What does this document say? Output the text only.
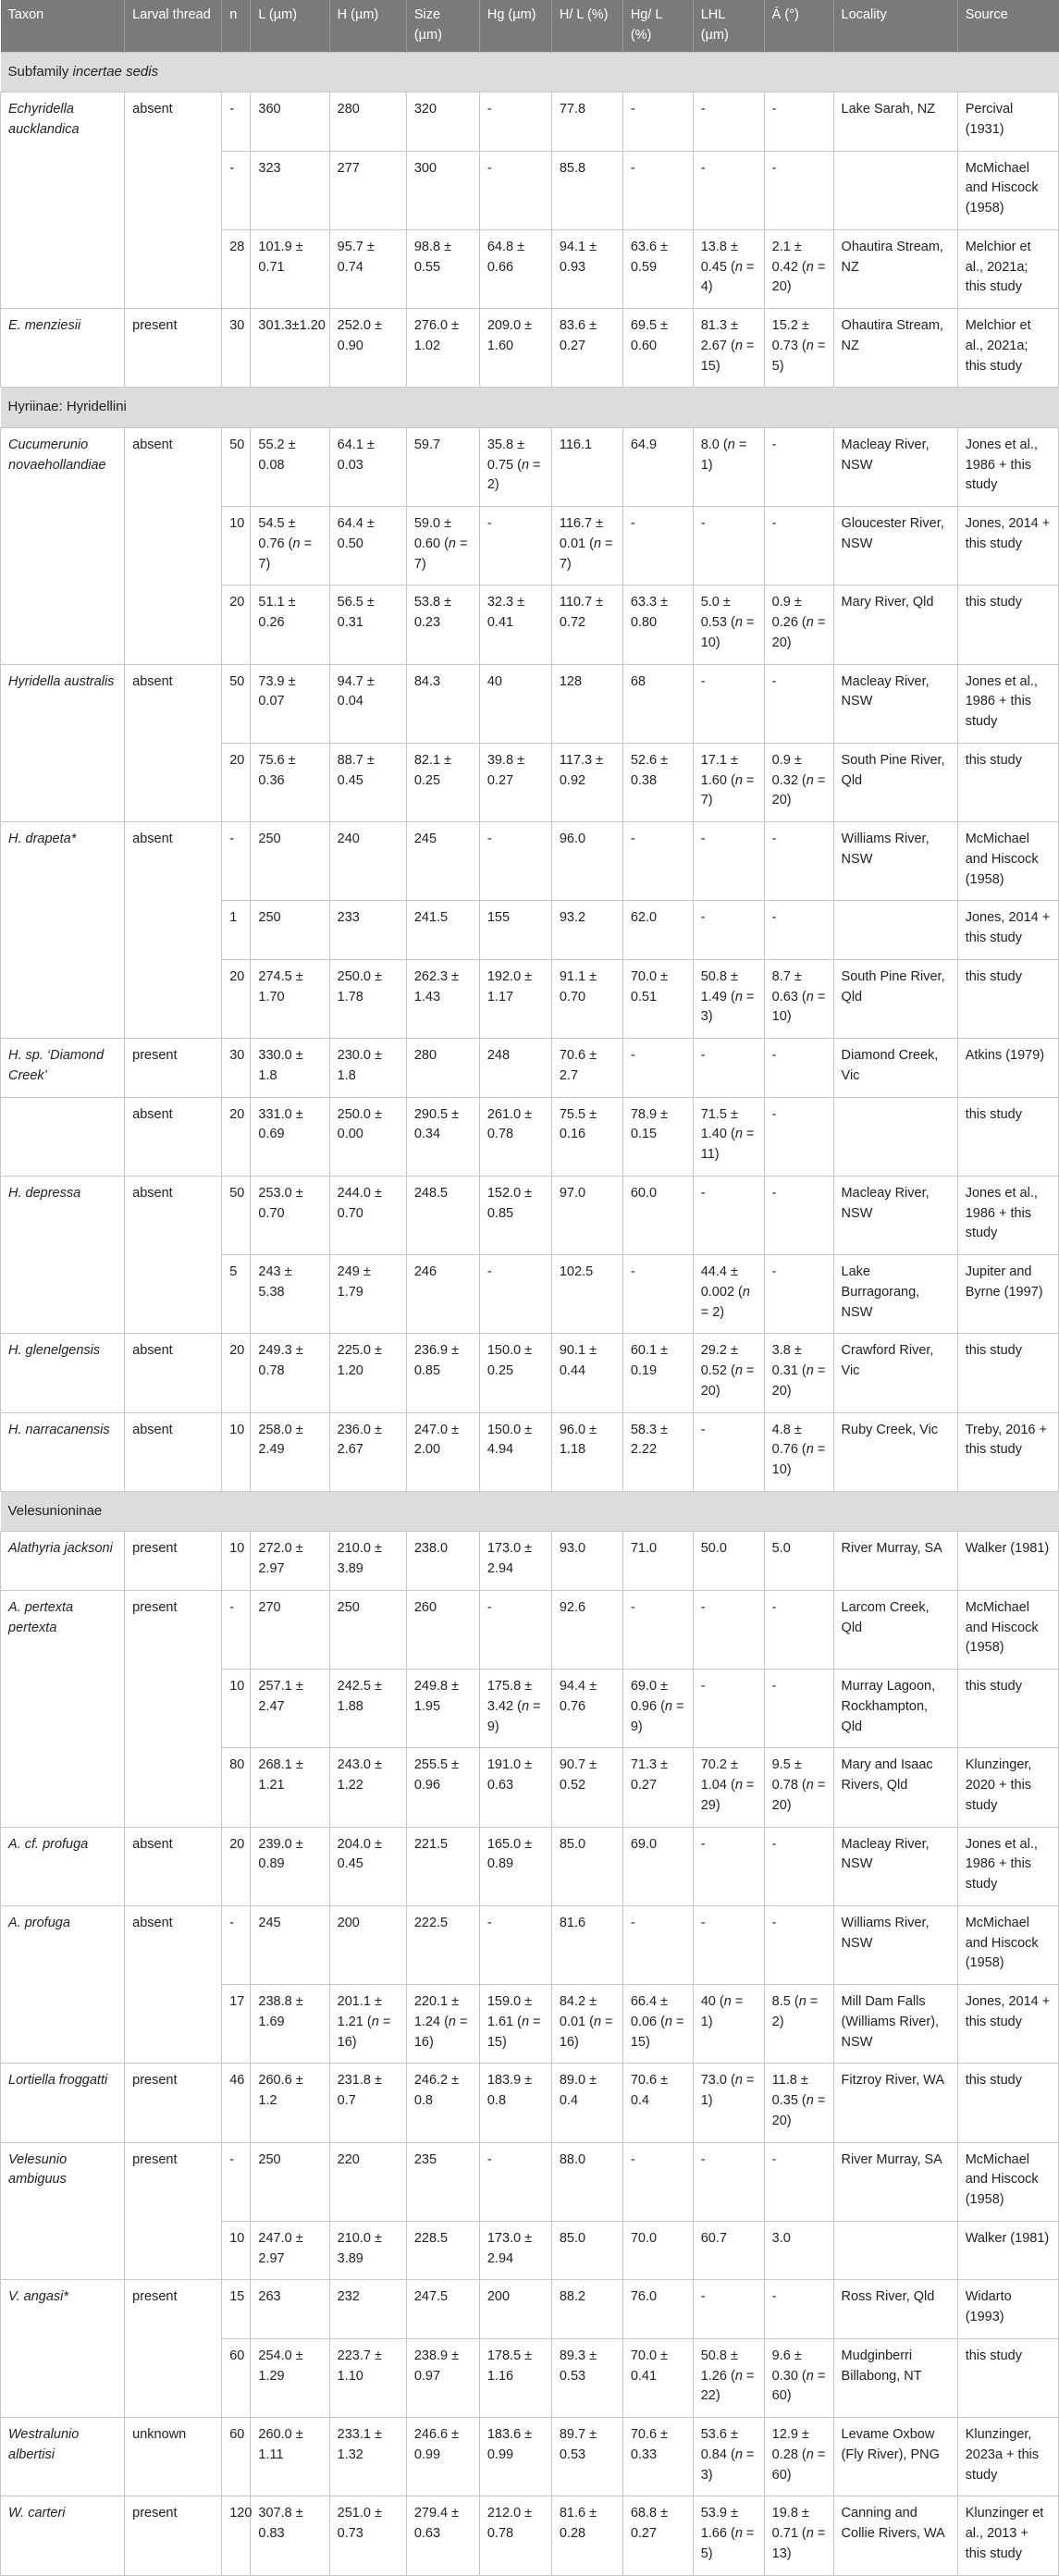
Taxon	Larval thread	n	L (µm)	H (µm)	Size (µm)	Hg (µm)	H/ L (%)	Hg/ L (%)	LHL (µm)	Á (°)	Locality	Source
Subfamily incertae sedis												
Echyridella aucklandica	absent	-	360	280	320	-	77.8	-	-	-	Lake Sarah, NZ	Percival (1931)
		-	323	277	300	-	85.8	-	-	-		McMichael and Hiscock (1958)
		28	101.9 ± 0.71	95.7 ± 0.74	98.8 ± 0.55	64.8 ± 0.66	94.1 ± 0.93	63.6 ± 0.59	13.8 ± 0.45 (n = 4)	2.1 ± 0.42 (n = 20)	Ohautira Stream, NZ	Melchior et al., 2021a; this study
E. menziesii	present	30	301.3±1.20	252.0 ± 0.90	276.0 ± 1.02	209.0 ± 1.60	83.6 ± 0.27	69.5 ± 0.60	81.3 ± 2.67 (n = 15)	15.2 ± 0.73 (n = 5)	Ohautira Stream, NZ	Melchior et al., 2021a; this study
Hyriinae: Hyridellini												
Cucumerunio novaehollandiae	absent	50	55.2 ± 0.08	64.1 ± 0.03	59.7	35.8 ± 0.75 (n = 2)	116.1	64.9	8.0 (n = 1)	-	Macleay River, NSW	Jones et al., 1986 + this study
		10	54.5 ± 0.76 (n = 7)	64.4 ± 0.50	59.0 ± 0.60 (n = 7)	-	116.7 ± 0.01 (n = 7)	-	-	-	Gloucester River, NSW	Jones, 2014 + this study
		20	51.1 ± 0.26	56.5 ± 0.31	53.8 ± 0.23	32.3 ± 0.41	110.7 ± 0.72	63.3 ± 0.80	5.0 ± 0.53 (n = 10)	0.9 ± 0.26 (n = 20)	Mary River, Qld	this study
Hyridella australis	absent	50	73.9 ± 0.07	94.7 ± 0.04	84.3	40	128	68	-	-	Macleay River, NSW	Jones et al., 1986 + this study
		20	75.6 ± 0.36	88.7 ± 0.45	82.1 ± 0.25	39.8 ± 0.27	117.3 ± 0.92	52.6 ± 0.38	17.1 ± 1.60 (n = 7)	0.9 ± 0.32 (n = 20)	South Pine River, Qld	this study
H. drapeta*	absent	-	250	240	245	-	96.0	-	-	-	Williams River, NSW	McMichael and Hiscock (1958)
		1	250	233	241.5	155	93.2	62.0	-	-		Jones, 2014 + this study
		20	274.5 ± 1.70	250.0 ± 1.78	262.3 ± 1.43	192.0 ± 1.17	91.1 ± 0.70	70.0 ± 0.51	50.8 ± 1.49 (n = 3)	8.7 ± 0.63 (n = 10)	South Pine River, Qld	this study
H. sp. ‘Diamond Creek’	present	30	330.0 ± 1.8	230.0 ± 1.8	280	248	70.6 ± 2.7	-	-	-	Diamond Creek, Vic	Atkins (1979)
	absent	20	331.0 ± 0.69	250.0 ± 0.00	290.5 ± 0.34	261.0 ± 0.78	75.5 ± 0.16	78.9 ± 0.15	71.5 ± 1.40 (n = 11)	-		this study
H. depressa	absent	50	253.0 ± 0.70	244.0 ± 0.70	248.5	152.0 ± 0.85	97.0	60.0	-	-	Macleay River, NSW	Jones et al., 1986 + this study
		5	243 ± 5.38	249 ± 1.79	246	-	102.5	-	44.4 ± 0.002 (n = 2)	-	Lake Burragorang, NSW	Jupiter and Byrne (1997)
H. glenelgensis	absent	20	249.3 ± 0.78	225.0 ± 1.20	236.9 ± 0.85	150.0 ± 0.25	90.1 ± 0.44	60.1 ± 0.19	29.2 ± 0.52 (n = 20)	3.8 ± 0.31 (n = 20)	Crawford River, Vic	this study
H. narracanensis	absent	10	258.0 ± 2.49	236.0 ± 2.67	247.0 ± 2.00	150.0 ± 4.94	96.0 ± 1.18	58.3 ± 2.22	-	4.8 ± 0.76 (n = 10)	Ruby Creek, Vic	Treby, 2016 + this study
Velesunioninae												
Alathyria jacksoni	present	10	272.0 ± 2.97	210.0 ± 3.89	238.0	173.0 ± 2.94	93.0	71.0	50.0	5.0	River Murray, SA	Walker (1981)
A. pertexta pertexta	present	-	270	250	260	-	92.6	-	-	-	Larcom Creek, Qld	McMichael and Hiscock (1958)
		10	257.1 ± 2.47	242.5 ± 1.88	249.8 ± 1.95	175.8 ± 3.42 (n = 9)	94.4 ± 0.76	69.0 ± 0.96 (n = 9)	-	-	Murray Lagoon, Rockhampton, Qld	this study
		80	268.1 ± 1.21	243.0 ± 1.22	255.5 ± 0.96	191.0 ± 0.63	90.7 ± 0.52	71.3 ± 0.27	70.2 ± 1.04 (n = 29)	9.5 ± 0.78 (n = 20)	Mary and Isaac Rivers, Qld	Klunzinger, 2020 + this study
A. cf. profuga	absent	20	239.0 ± 0.89	204.0 ± 0.45	221.5	165.0 ± 0.89	85.0	69.0	-	-	Macleay River, NSW	Jones et al., 1986 + this study
A. profuga	absent	-	245	200	222.5	-	81.6	-	-	-	Williams River, NSW	McMichael and Hiscock (1958)
		17	238.8 ± 1.69	201.1 ± 1.21 (n = 16)	220.1 ± 1.24 (n = 16)	159.0 ± 1.61 (n = 15)	84.2 ± 0.01 (n = 16)	66.4 ± 0.06 (n = 15)	40 (n = 1)	8.5 (n = 2)	Mill Dam Falls (Williams River), NSW	Jones, 2014 + this study
Lortiella froggatti	present	46	260.6 ± 1.2	231.8 ± 0.7	246.2 ± 0.8	183.9 ± 0.8	89.0 ± 0.4	70.6 ± 0.4	73.0 (n = 1)	11.8 ± 0.35 (n = 20)	Fitzroy River, WA	this study
Velesunio ambiguus	present	-	250	220	235	-	88.0	-	-	-	River Murray, SA	McMichael and Hiscock (1958)
		10	247.0 ± 2.97	210.0 ± 3.89	228.5	173.0 ± 2.94	85.0	70.0	60.7	3.0		Walker (1981)
V. angasi*	present	15	263	232	247.5	200	88.2	76.0	-	-	Ross River, Qld	Widarto (1993)
		60	254.0 ± 1.29	223.7 ± 1.10	238.9 ± 0.97	178.5 ± 1.16	89.3 ± 0.53	70.0 ± 0.41	50.8 ± 1.26 (n = 22)	9.6 ± 0.30 (n = 60)	Mudginberri Billabong, NT	this study
Westralunio albertisi	unknown	60	260.0 ± 1.11	233.1 ± 1.32	246.6 ± 0.99	183.6 ± 0.99	89.7 ± 0.53	70.6 ± 0.33	53.6 ± 0.84 (n = 3)	12.9 ± 0.28 (n = 60)	Levame Oxbow (Fly River), PNG	Klunzinger, 2023a + this study
W. carteri	present	120	307.8 ± 0.83	251.0 ± 0.73	279.4 ± 0.63	212.0 ± 0.78	81.6 ± 0.28	68.8 ± 0.27	53.9 ± 1.66 (n = 5)	19.8 ± 0.71 (n = 13)	Canning and Collie Rivers, WA	Klunzinger et al., 2013 + this study
